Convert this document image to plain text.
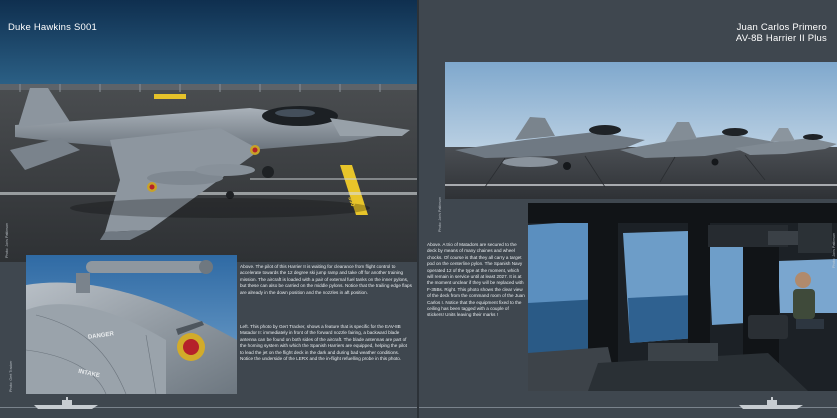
350
Duke Hawkins S001
Photo: Joris Pattinson
DANGER
INTAKE
Photo: Gert Tracker
Above. The pilot of this Harrier II is waiting for clearance from flight control to accelerate towards the 12 degree ski jump ramp and take off for another training mission. The aircraft is loaded with a pair of external fuel tanks on the inner pylons, but these can also be carried on the middle pylons. Notice that the trailing edge flaps are already in the down position and the nozzles in aft position.
Left. This photo by Gert Tracker, shows a feature that is specific for the EAV-8B Matador II: immediately in front of the forward nozzle fairing, a backward blade antenna can be found on both sides of the aircraft. The blade antennas are part of the homing system with which the Spanish Harriers are equipped, helping the pilot to lead the jet on the flight deck in the dark and during bad weather conditions. Notice the underside of the LERX and the in-flight refuelling probe in this photo.
Juan Carlos Primero
AV-8B Harrier II Plus
Photo: Joris Pattinson
Photo: Joris Pattinson
Above. A trio of Matadors are secured to the deck by means of many chaines and wheel chocks. Of course is that they all carry a target pod on the centerline pylon. The Spanish Navy operated 12 of the type at the moment, which will remain in service until at least 2027. It is at the moment unclear if they will be replaced with F-35Bs. Right. This photo shows the clear view of the deck from the command room of the Juan Carlos I. Notice that the equipment fixed to the ceiling has been tagged with a couple of stickers! Units leaving their marks !
